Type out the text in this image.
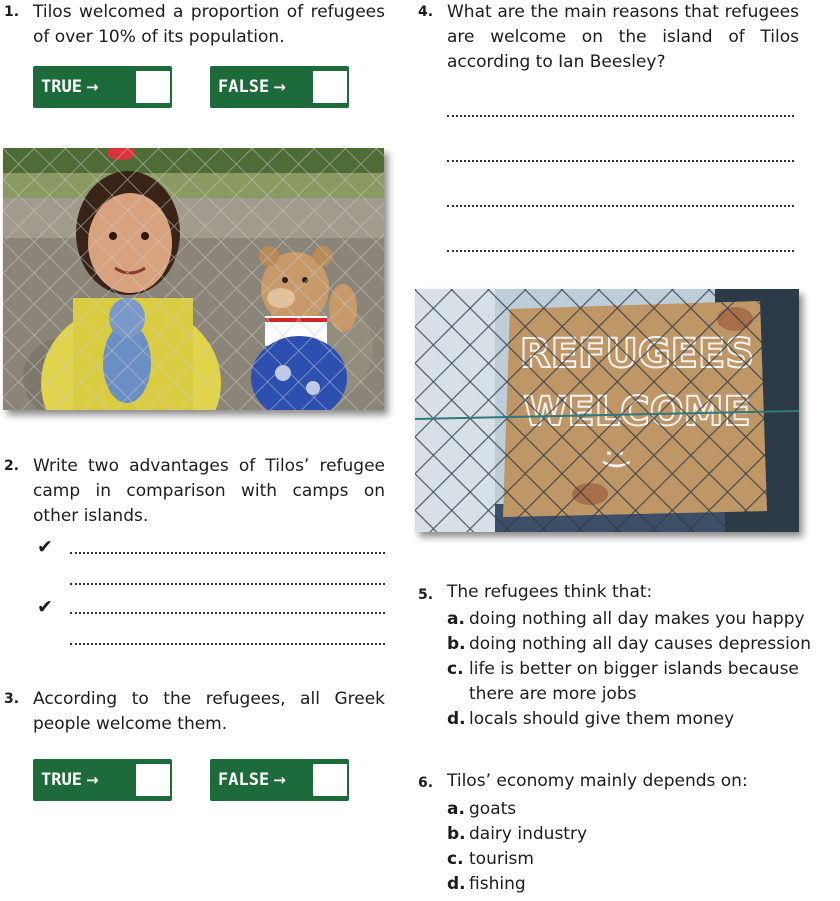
1. Tilos welcomed a proportion of refugees of over 10% of its population.
TRUE →	FALSE →
2. Write two advantages of Tilos’ refugee camp in comparison with camps on other islands.
✔
✔
3. According to the refugees, all Greek people welcome them.
TRUE →	FALSE →
4. What are the main reasons that refugees are welcome on the island of Tilos according to Ian Beesley?
5. The refugees think that:
a. doing nothing all day makes you happy
b. doing nothing all day causes depression
c. life is better on bigger islands because
there are more jobs
d. locals should give them money
6. Tilos’ economy mainly depends on:
a. goats
b. dairy industry
c. tourism
d. fishing
